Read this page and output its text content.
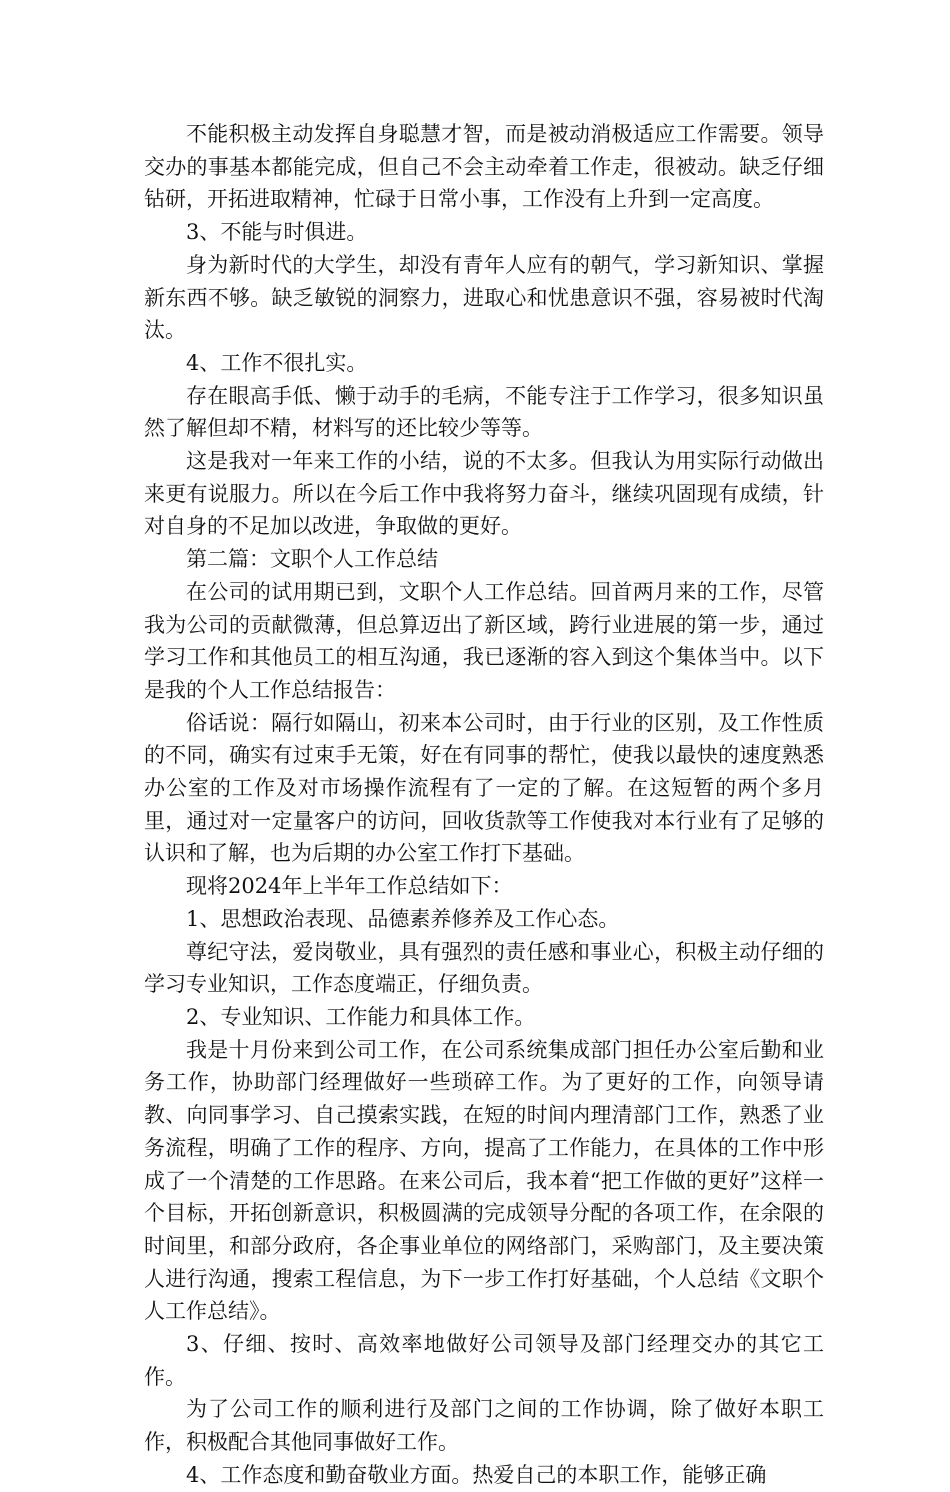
不能积极主动发挥自身聪慧才智，而是被动消极适应工作需要。领导交办的事基本都能完成，但自己不会主动牵着工作走，很被动。缺乏仔细钻研，开拓进取精神，忙碌于日常小事，工作没有上升到一定高度。

3、不能与时俱进。

身为新时代的大学生，却没有青年人应有的朝气，学习新知识、掌握新东西不够。缺乏敏锐的洞察力，进取心和忧患意识不强，容易被时代淘汰。

4、工作不很扎实。

存在眼高手低、懒于动手的毛病，不能专注于工作学习，很多知识虽然了解但却不精，材料写的还比较少等等。

这是我对一年来工作的小结，说的不太多。但我认为用实际行动做出来更有说服力。所以在今后工作中我将努力奋斗，继续巩固现有成绩，针对自身的不足加以改进，争取做的更好。

第二篇：文职个人工作总结

在公司的试用期已到，文职个人工作总结。回首两月来的工作，尽管我为公司的贡献微薄，但总算迈出了新区域，跨行业进展的第一步，通过学习工作和其他员工的相互沟通，我已逐渐的容入到这个集体当中。以下是我的个人工作总结报告：

俗话说：隔行如隔山，初来本公司时，由于行业的区别，及工作性质的不同，确实有过束手无策，好在有同事的帮忙，使我以最快的速度熟悉办公室的工作及对市场操作流程有了一定的了解。在这短暂的两个多月里，通过对一定量客户的访问，回收货款等工作使我对本行业有了足够的认识和了解，也为后期的办公室工作打下基础。

现将2024年上半年工作总结如下：

1、思想政治表现、品德素养修养及工作心态。

尊纪守法，爱岗敬业，具有强烈的责任感和事业心，积极主动仔细的学习专业知识，工作态度端正，仔细负责。

2、专业知识、工作能力和具体工作。

我是十月份来到公司工作，在公司系统集成部门担任办公室后勤和业务工作，协助部门经理做好一些琐碎工作。为了更好的工作，向领导请教、向同事学习、自己摸索实践，在短的时间内理清部门工作，熟悉了业务流程，明确了工作的程序、方向，提高了工作能力，在具体的工作中形成了一个清楚的工作思路。在来公司后，我本着“把工作做的更好”这样一个目标，开拓创新意识，积极圆满的完成领导分配的各项工作，在余限的时间里，和部分政府，各企事业单位的网络部门，采购部门，及主要决策人进行沟通，搜索工程信息，为下一步工作打好基础，个人总结《文职个人工作总结》。

3、仔细、按时、高效率地做好公司领导及部门经理交办的其它工作。

为了公司工作的顺利进行及部门之间的工作协调，除了做好本职工作，积极配合其他同事做好工作。

4、工作态度和勤奋敬业方面。热爱自己的本职工作，能够正确
